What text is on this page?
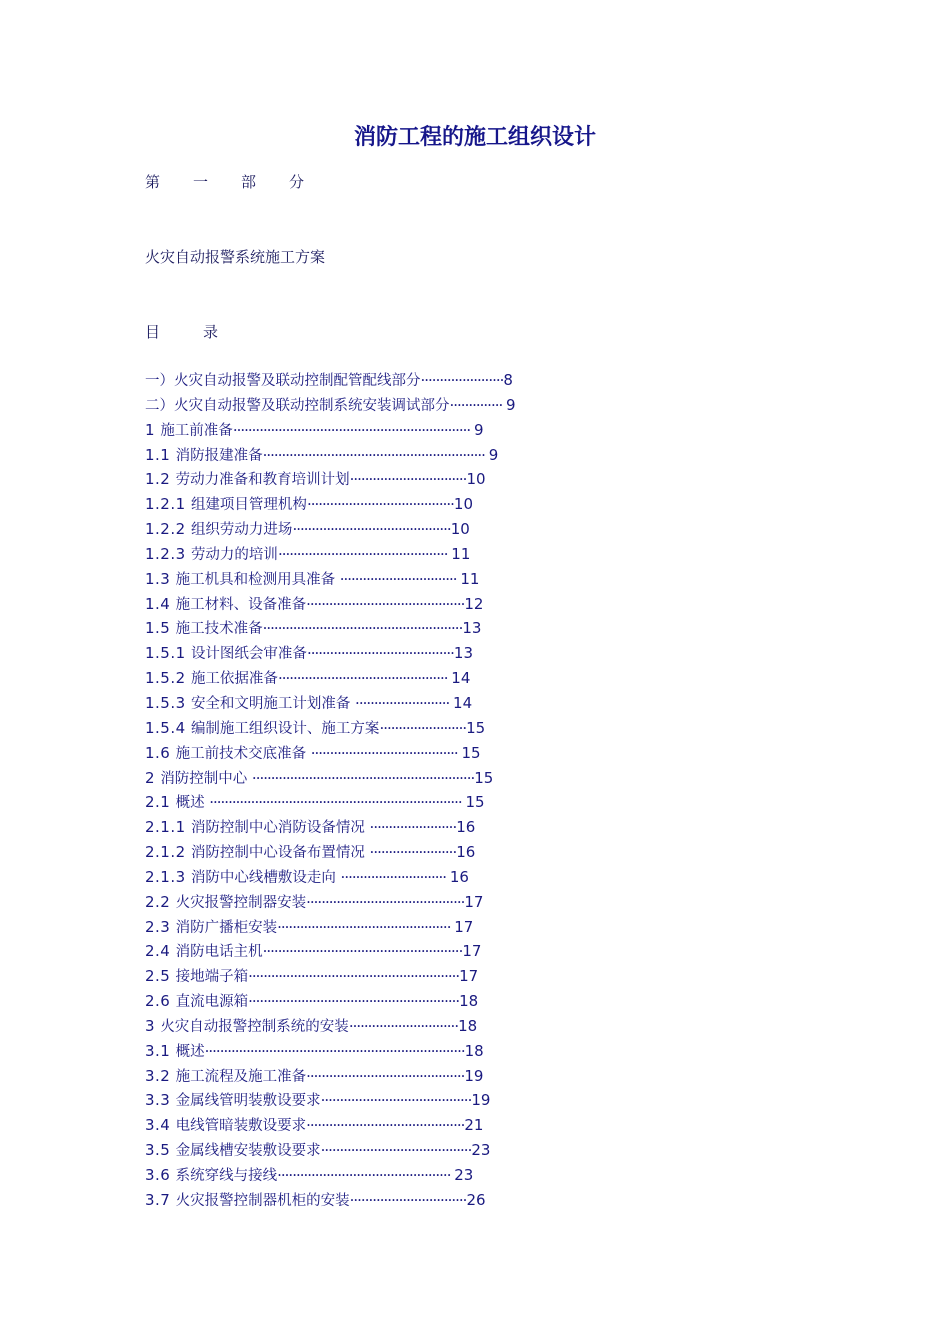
消防工程的施工组织设计
第 一 部 分
火灾自动报警系统施工方案
目	录
一）火灾自动报警及联动控制配管配线部分······················8
二）火灾自动报警及联动控制系统安装调试部分·············· 9
1 施工前准备······························································· 9
1.1 消防报建准备··························································· 9
1.2 劳动力准备和教育培训计划·······························10
1.2.1 组建项目管理机构·······································10
1.2.2 组织劳动力进场··········································10
1.2.3 劳动力的培训············································· 11
1.3 施工机具和检测用具准备 ······························· 11
1.4 施工材料、设备准备··········································12
1.5 施工技术准备·····················································13
1.5.1 设计图纸会审准备·······································13
1.5.2 施工依据准备············································· 14
1.5.3 安全和文明施工计划准备 ························· 14
1.5.4 编制施工组织设计、施工方案·······················15
1.6 施工前技术交底准备 ······································· 15
2 消防控制中心 ···························································15
2.1 概述 ··································································· 15
2.1.1 消防控制中心消防设备情况 ·······················16
2.1.2 消防控制中心设备布置情况 ·······················16
2.1.3 消防中心线槽敷设走向 ···························· 16
2.2 火灾报警控制器安装··········································17
2.3 消防广播柜安装·············································· 17
2.4 消防电话主机·····················································17
2.5 接地端子箱························································17
2.6 直流电源箱························································18
3 火灾自动报警控制系统的安装·····························18
3.1 概述·····································································18
3.2 施工流程及施工准备··········································19
3.3 金属线管明装敷设要求········································19
3.4 电线管暗装敷设要求··········································21
3.5 金属线槽安装敷设要求········································23
3.6 系统穿线与接线·············································· 23
3.7 火灾报警控制器机柜的安装·······························26
